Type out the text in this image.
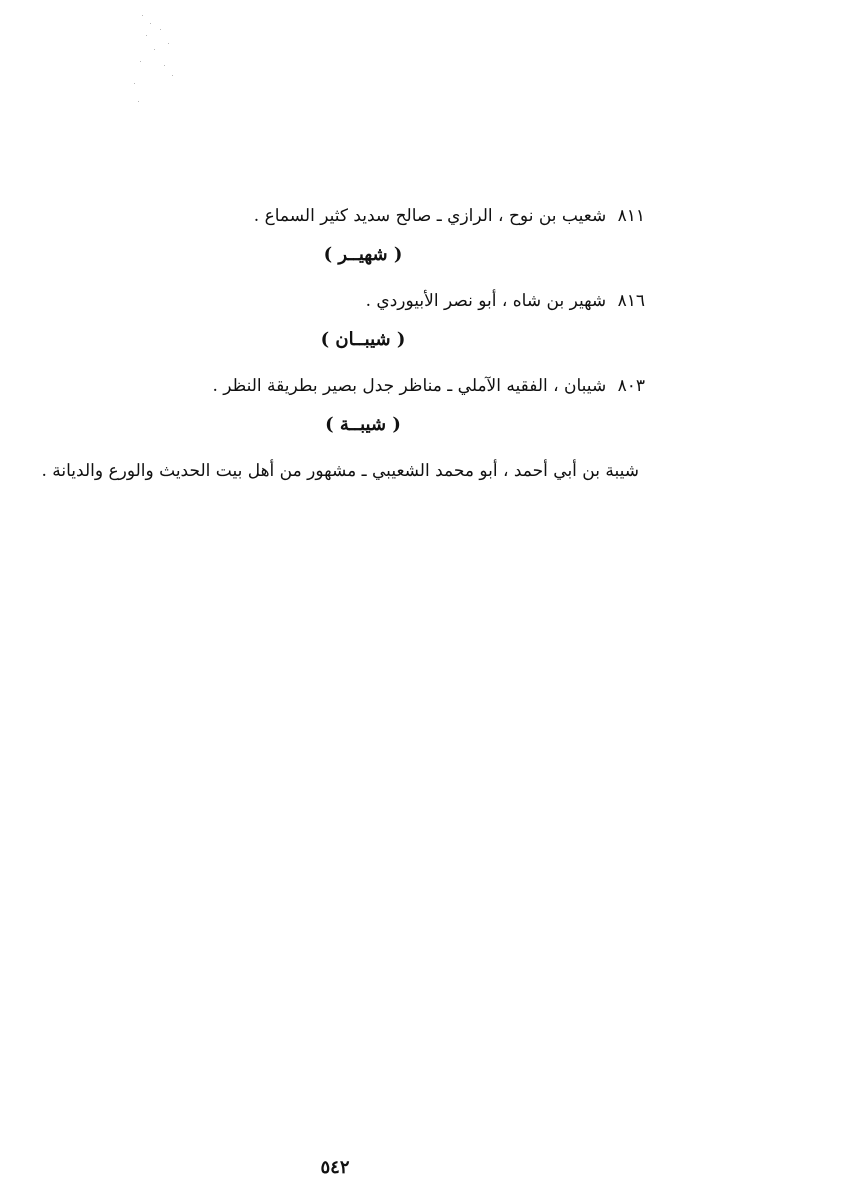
٨١١ شعيب بن نوح ، الرازي ـ صالح سديد كثير السماع .
( شهيــر )
٨١٦ شهير بن شاه ، أبو نصر الأبيوردي .
( شيبــان )
٨٠٣ شيبان ، الفقيه الآملي ـ مناظر جدل بصير بطريقة النظر .
( شيبــة )
شيبة بن أبي أحمد ، أبو محمد الشعيبي ـ مشهور من أهل بيت الحديث والورع والديانة .
٥٤٢
